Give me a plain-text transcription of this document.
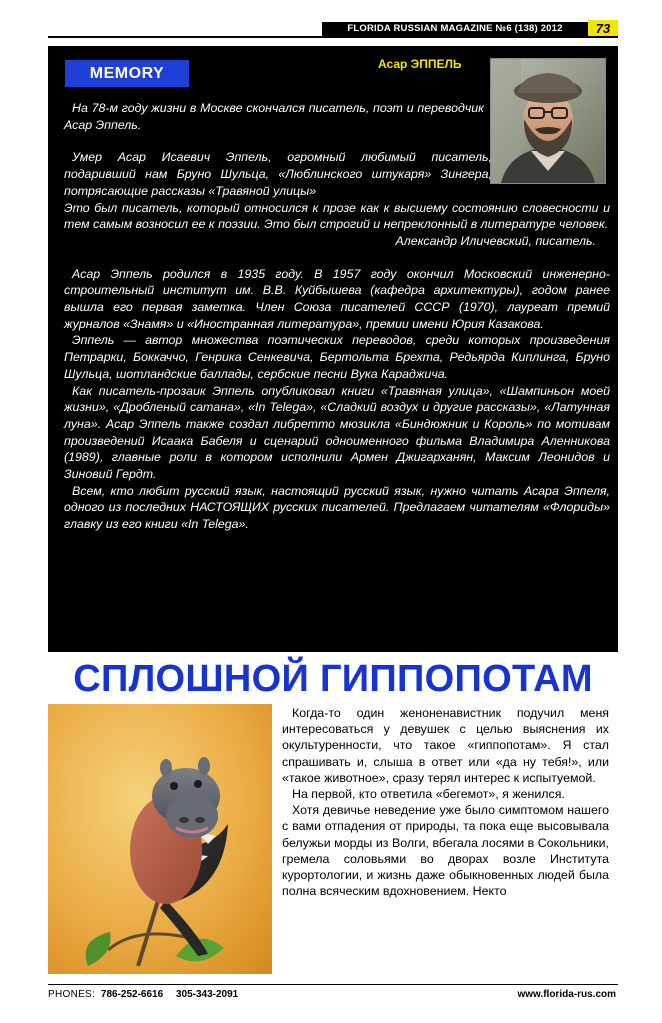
FLORIDA RUSSIAN MAGAZINE №6 (138) 2012	73
MEMORY
Асар ЭППЕЛЬ

На 78-м году жизни в Москве скончался писатель, поэт и переводчик Асар Эппель.

Умер Асар Исаевич Эппель, огромный любимый писатель, подаривший нам Бруно Шульца, «Люблинского штукаря» Зингера, потрясающие рассказы «Травяной улицы»

Это был писатель, который относился к прозе как к высшему состоянию словесности и тем самым возносил ее к поэзии. Это был строгий и непреклонный в литературе человек.

Александр Иличевский, писатель.

Асар Эппель родился в 1935 году. В 1957 году окончил Московский инженерно-строительный институт им. В.В. Куйбышева (кафедра архитектуры), годом ранее вышла его первая заметка. Член Союза писателей СССР (1970), лауреат премий журналов «Знамя» и «Иностранная литература», премии имени Юрия Казакова.

Эппель — автор множества поэтических переводов, среди которых произведения Петрарки, Боккаччо, Генрика Сенкевича, Бертольта Брехта, Редьярда Киплинга, Бруно Шульца, шотландские баллады, сербские песни Вука Караджича.

Как писатель-прозаик Эппель опубликовал книги «Травяная улица», «Шампиньон моей жизни», «Дробленый сатана», «In Telega», «Сладкий воздух и другие рассказы», «Латунная луна». Асар Эппель также создал либретто мюзикла «Биндюжник и Король» по мотивам произведений Исаака Бабеля и сценарий одноименного фильма Владимира Аленникова (1989), главные роли в котором исполнили Армен Джигарханян, Максим Леонидов и Зиновий Гердт.

Всем, кто любит русский язык, настоящий русский язык, нужно читать Асара Эппеля, одного из последних НАСТОЯЩИХ русских писателей. Предлагаем читателям «Флориды» главку из его книги «In Telega».

СПЛОШНОЙ ГИППОПОТАМ

Когда-то один женоненавистник подучил меня интересоваться у девушек с целью выяснения их окультуренности, что такое «гиппопотам». Я стал спрашивать и, слыша в ответ или «да ну тебя!», или «такое животное», сразу терял интерес к испытуемой.

На первой, кто ответила «бегемот», я женился.

Хотя девичье неведение уже было симптомом нашего с вами отпадения от природы, та пока еще высовывала белужьи морды из Волги, вбегала лосями в Сокольники, гремела соловьями во дворах возле Института курортологии, и жизнь даже обыкновенных людей была полна всяческим вдохновением. Некто

PHONES: 786-252-6616 305-343-2091	www.florida-rus.com
